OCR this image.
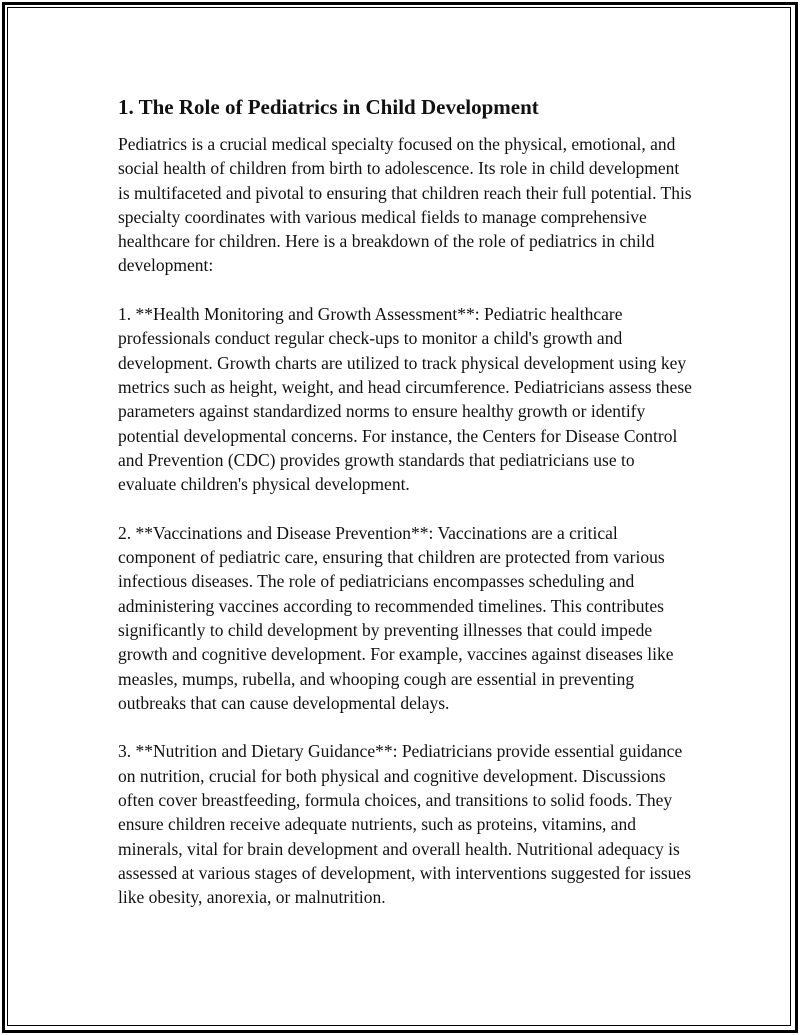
1. The Role of Pediatrics in Child Development

Pediatrics is a crucial medical specialty focused on the physical, emotional, and social health of children from birth to adolescence. Its role in child development is multifaceted and pivotal to ensuring that children reach their full potential. This specialty coordinates with various medical fields to manage comprehensive healthcare for children. Here is a breakdown of the role of pediatrics in child development:

1. **Health Monitoring and Growth Assessment**: Pediatric healthcare professionals conduct regular check-ups to monitor a child's growth and development. Growth charts are utilized to track physical development using key metrics such as height, weight, and head circumference. Pediatricians assess these parameters against standardized norms to ensure healthy growth or identify potential developmental concerns. For instance, the Centers for Disease Control and Prevention (CDC) provides growth standards that pediatricians use to evaluate children's physical development.

2. **Vaccinations and Disease Prevention**: Vaccinations are a critical component of pediatric care, ensuring that children are protected from various infectious diseases. The role of pediatricians encompasses scheduling and administering vaccines according to recommended timelines. This contributes significantly to child development by preventing illnesses that could impede growth and cognitive development. For example, vaccines against diseases like measles, mumps, rubella, and whooping cough are essential in preventing outbreaks that can cause developmental delays.

3. **Nutrition and Dietary Guidance**: Pediatricians provide essential guidance on nutrition, crucial for both physical and cognitive development. Discussions often cover breastfeeding, formula choices, and transitions to solid foods. They ensure children receive adequate nutrients, such as proteins, vitamins, and minerals, vital for brain development and overall health. Nutritional adequacy is assessed at various stages of development, with interventions suggested for issues like obesity, anorexia, or malnutrition.
